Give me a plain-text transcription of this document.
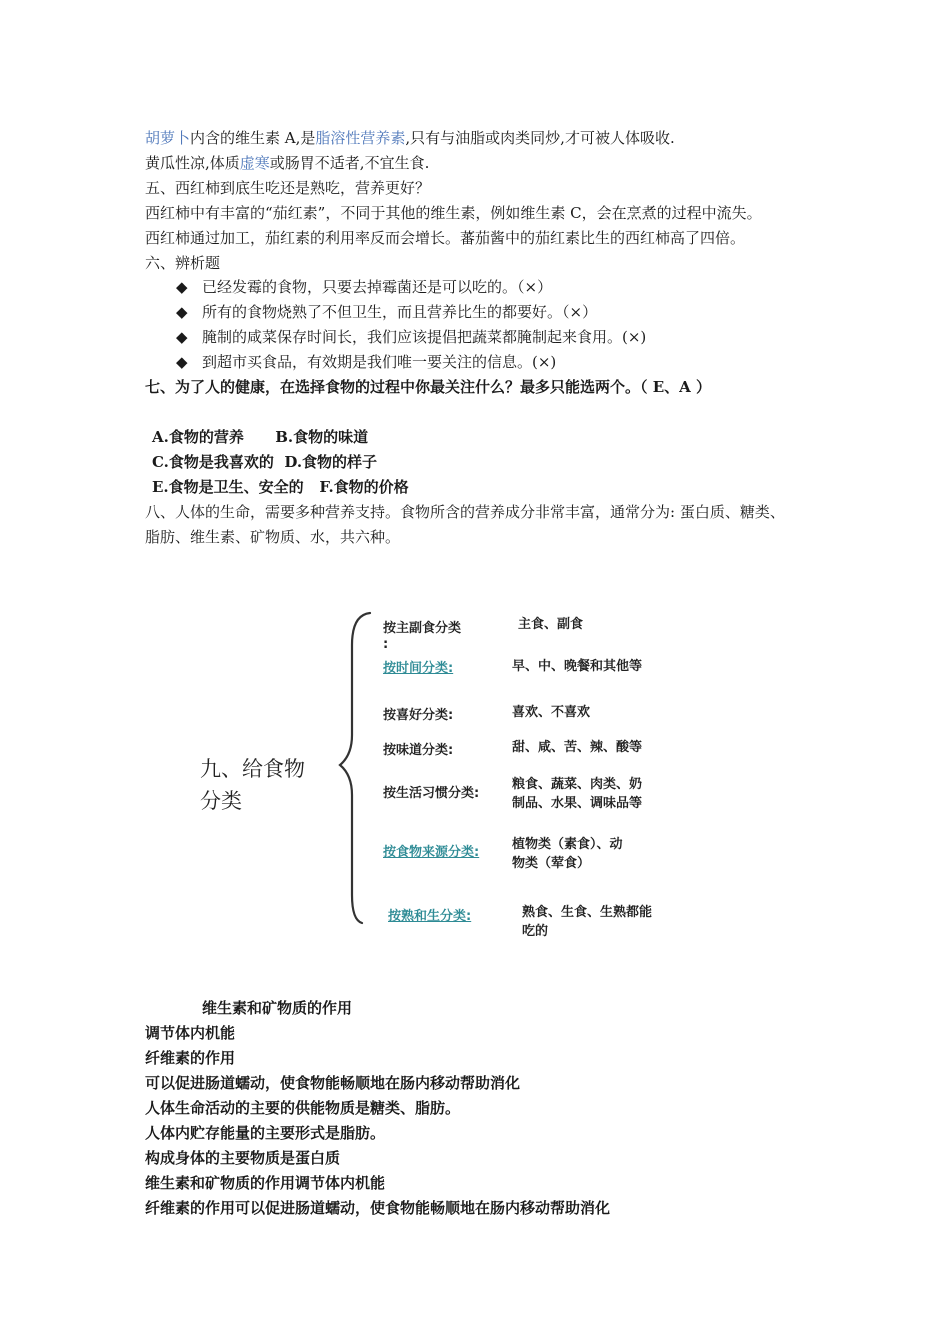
胡萝卜内含的维生素 A,是脂溶性营养素,只有与油脂或肉类同炒,才可被人体吸收.
黄瓜性凉,体质虚寒或肠胃不适者,不宜生食.
五、西红柿到底生吃还是熟吃，营养更好？
西红柿中有丰富的“茄红素”，不同于其他的维生素，例如维生素 C，会在烹煮的过程中流失。
西红柿通过加工，茄红素的利用率反而会增长。蕃茄酱中的茄红素比生的西红柿高了四倍。
六、辨析题
◆ 已经发霉的食物，只要去掉霉菌还是可以吃的。（×）
◆ 所有的食物烧熟了不但卫生，而且营养比生的都要好。（×）
◆ 腌制的咸菜保存时间长，我们应该提倡把蔬菜都腌制起来食用。(×)
◆ 到超市买食品，有效期是我们唯一要关注的信息。(×)
七、为了人的健康，在选择食物的过程中你最关注什么？最多只能选两个。（ E、A ）
A.食物的营养      B.食物的味道
C.食物是我喜欢的  D.食物的样子
E.食物是卫生、安全的   F.食物的价格
八、人体的生命，需要多种营养支持。食物所含的营养成分非常丰富，通常分为: 蛋白质、糖类、
脂肪、维生素、矿物质、水，共六种。
九、给食物
分类
按主副食分类
:
主食、副食
按时间分类:	早、中、晚餐和其他等
按喜好分类:	喜欢、不喜欢
按味道分类:	甜、咸、苦、辣、酸等
按生活习惯分类:
粮食、蔬菜、肉类、奶
制品、水果、调味品等
按食物来源分类:
植物类（素食）、动
物类（荤食）
按熟和生分类:	熟食、生食、生熟都能
吃的
维生素和矿物质的作用
调节体内机能
纤维素的作用
可以促进肠道蠕动，使食物能畅顺地在肠内移动帮助消化
人体生命活动的主要的供能物质是糖类、脂肪。
人体内贮存能量的主要形式是脂肪。
构成身体的主要物质是蛋白质
维生素和矿物质的作用调节体内机能
纤维素的作用可以促进肠道蠕动，使食物能畅顺地在肠内移动帮助消化
